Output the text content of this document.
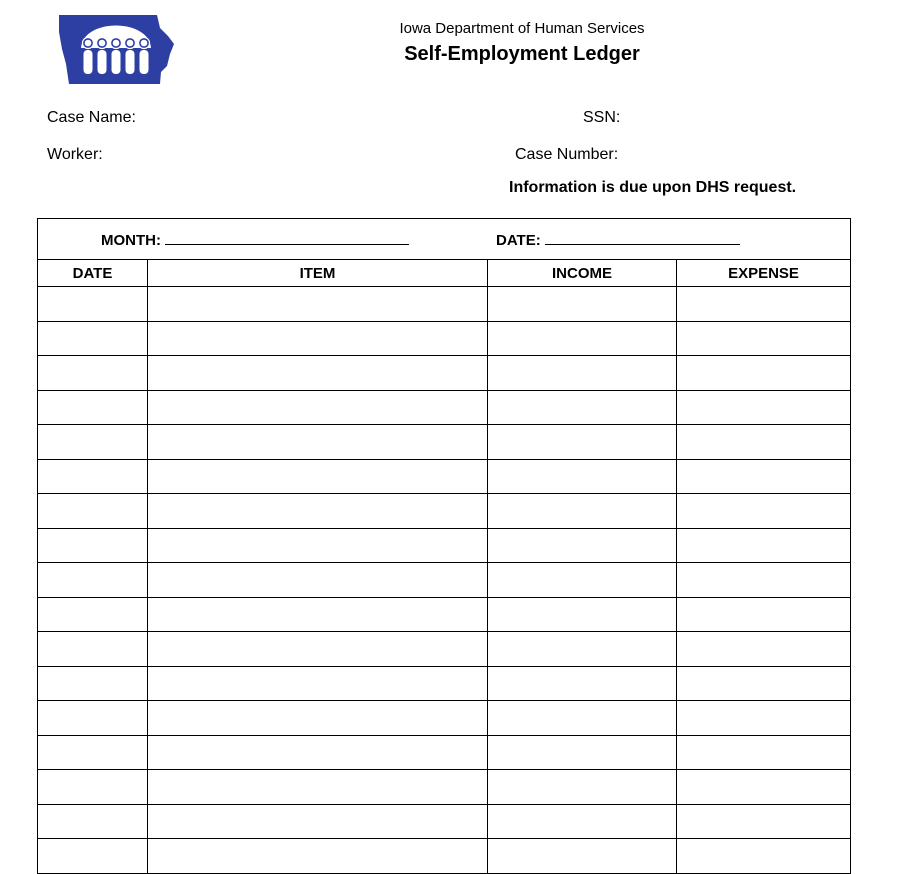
Iowa Department of Human Services
Self-Employment Ledger
Case Name:	SSN:
Worker:	Case Number:
Information is due upon DHS request.
MONTH: DATE:			

DATE	ITEM	INCOME	EXPENSE
